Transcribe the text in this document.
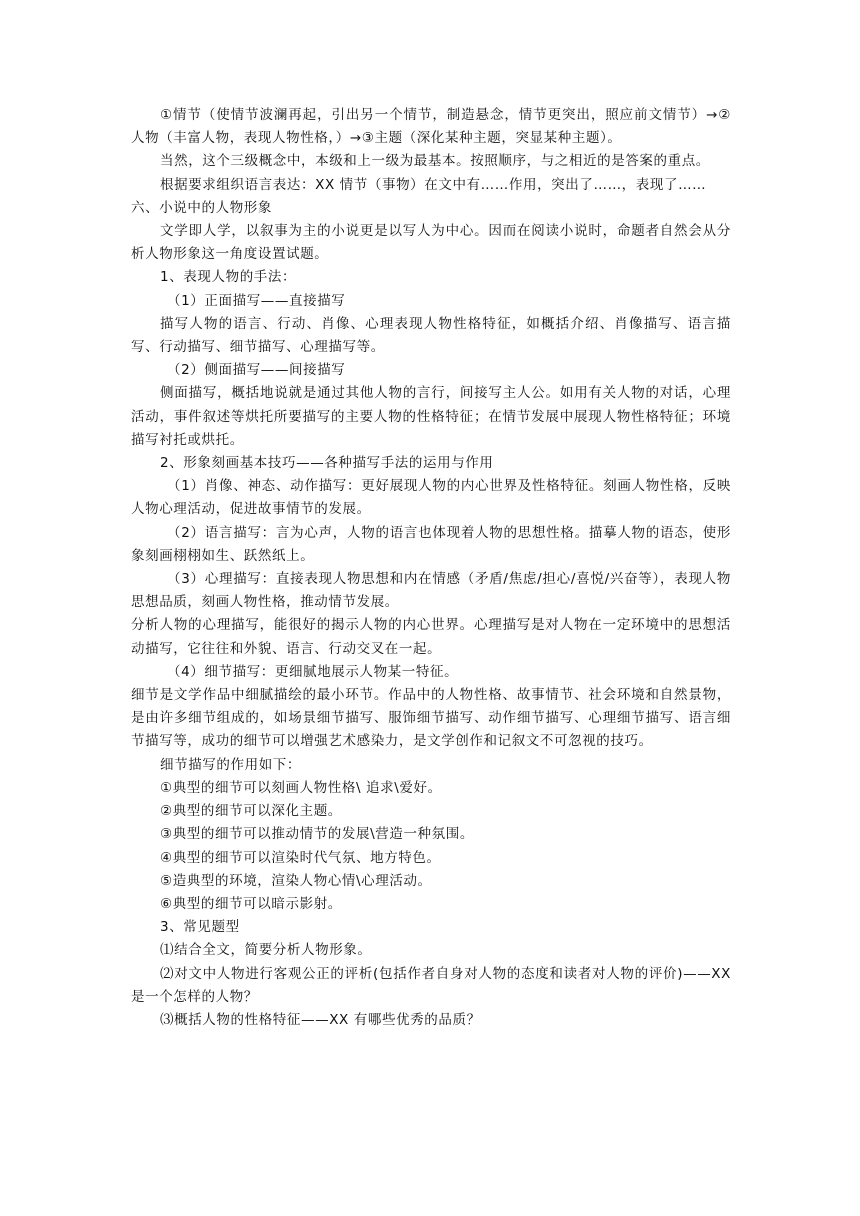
①情节（使情节波澜再起，引出另一个情节，制造悬念，情节更突出，照应前文情节）→②人物（丰富人物，表现人物性格，）→③主题（深化某种主题，突显某种主题）。

当然，这个三级概念中，本级和上一级为最基本。按照顺序，与之相近的是答案的重点。

根据要求组织语言表达：XX 情节（事物）在文中有……作用，突出了……，表现了……

六、小说中的人物形象

文学即人学，以叙事为主的小说更是以写人为中心。因而在阅读小说时，命题者自然会从分析人物形象这一角度设置试题。

1、表现人物的手法：

（1）正面描写——直接描写

描写人物的语言、行动、肖像、心理表现人物性格特征，如概括介绍、肖像描写、语言描写、行动描写、细节描写、心理描写等。

（2）侧面描写——间接描写

侧面描写，概括地说就是通过其他人物的言行，间接写主人公。如用有关人物的对话，心理活动，事件叙述等烘托所要描写的主要人物的性格特征；在情节发展中展现人物性格特征；环境描写衬托或烘托。

2、形象刻画基本技巧——各种描写手法的运用与作用

（1）肖像、神态、动作描写：更好展现人物的内心世界及性格特征。刻画人物性格，反映人物心理活动，促进故事情节的发展。

（2）语言描写：言为心声，人物的语言也体现着人物的思想性格。描摹人物的语态，使形象刻画栩栩如生、跃然纸上。

（3）心理描写：直接表现人物思想和内在情感（矛盾/焦虑/担心/喜悦/兴奋等），表现人物思想品质，刻画人物性格，推动情节发展。

分析人物的心理描写，能很好的揭示人物的内心世界。心理描写是对人物在一定环境中的思想活动描写，它往往和外貌、语言、行动交叉在一起。

（4）细节描写：更细腻地展示人物某一特征。

细节是文学作品中细腻描绘的最小环节。作品中的人物性格、故事情节、社会环境和自然景物，是由许多细节组成的，如场景细节描写、服饰细节描写、动作细节描写、心理细节描写、语言细节描写等，成功的细节可以增强艺术感染力，是文学创作和记叙文不可忽视的技巧。

细节描写的作用如下：

①典型的细节可以刻画人物性格\ 追求\爱好。

②典型的细节可以深化主题。

③典型的细节可以推动情节的发展\营造一种氛围。

④典型的细节可以渲染时代气氛、地方特色。

⑤造典型的环境，渲染人物心情\心理活动。

⑥典型的细节可以暗示影射。

3、常见题型

⑴结合全文，简要分析人物形象。

⑵对文中人物进行客观公正的评析(包括作者自身对人物的态度和读者对人物的评价)——XX 是一个怎样的人物？

⑶概括人物的性格特征——XX 有哪些优秀的品质？
